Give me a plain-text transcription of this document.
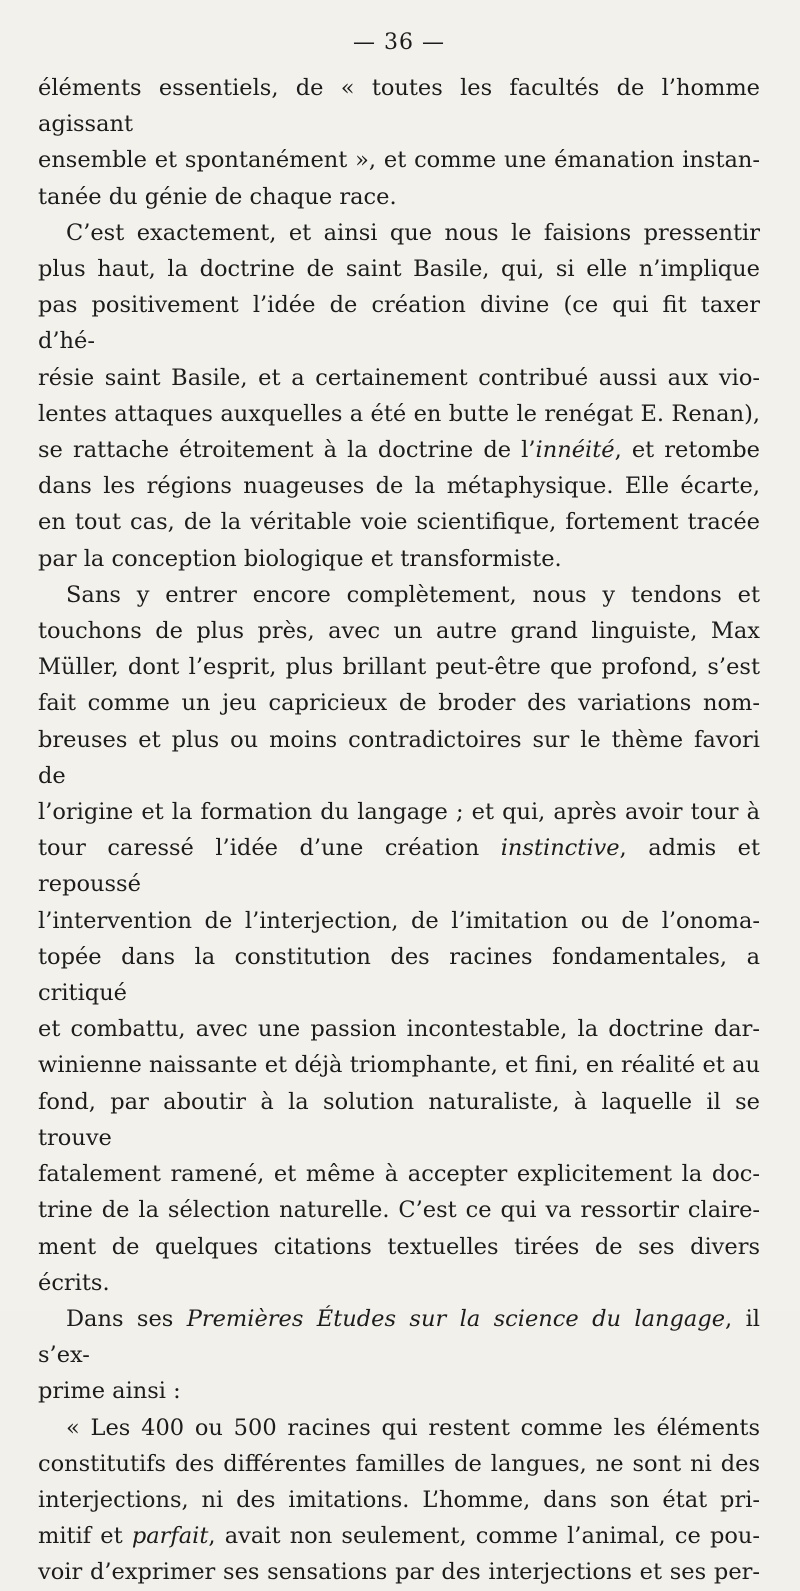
— 36 —

éléments essentiels, de « toutes les facultés de l’homme agissant

ensemble et spontanément », et comme une émanation instan-

tanée du génie de chaque race.

C’est exactement, et ainsi que nous le faisions pressentir

plus haut, la doctrine de saint Basile, qui, si elle n’implique

pas positivement l’idée de création divine (ce qui fit taxer d’hé-

résie saint Basile, et a certainement contribué aussi aux vio-

lentes attaques auxquelles a été en butte le renégat E. Renan),

se rattache étroitement à la doctrine de l’innéité, et retombe

dans les régions nuageuses de la métaphysique. Elle écarte,

en tout cas, de la véritable voie scientifique, fortement tracée

par la conception biologique et transformiste.

Sans y entrer encore complètement, nous y tendons et

touchons de plus près, avec un autre grand linguiste, Max

Müller, dont l’esprit, plus brillant peut-être que profond, s’est

fait comme un jeu capricieux de broder des variations nom-

breuses et plus ou moins contradictoires sur le thème favori de

l’origine et la formation du langage ; et qui, après avoir tour à

tour caressé l’idée d’une création instinctive, admis et repoussé

l’intervention de l’interjection, de l’imitation ou de l’onoma-

topée dans la constitution des racines fondamentales, a critiqué

et combattu, avec une passion incontestable, la doctrine dar-

winienne naissante et déjà triomphante, et fini, en réalité et au

fond, par aboutir à la solution naturaliste, à laquelle il se trouve

fatalement ramené, et même à accepter explicitement la doc-

trine de la sélection naturelle. C’est ce qui va ressortir claire-

ment de quelques citations textuelles tirées de ses divers écrits.

Dans ses Premières Études sur la science du langage, il s’ex-

prime ainsi :

« Les 400 ou 500 racines qui restent comme les éléments

constitutifs des différentes familles de langues, ne sont ni des

interjections, ni des imitations. L’homme, dans son état pri-

mitif et parfait, avait non seulement, comme l’animal, ce pou-

voir d’exprimer ses sensations par des interjections et ses per-
